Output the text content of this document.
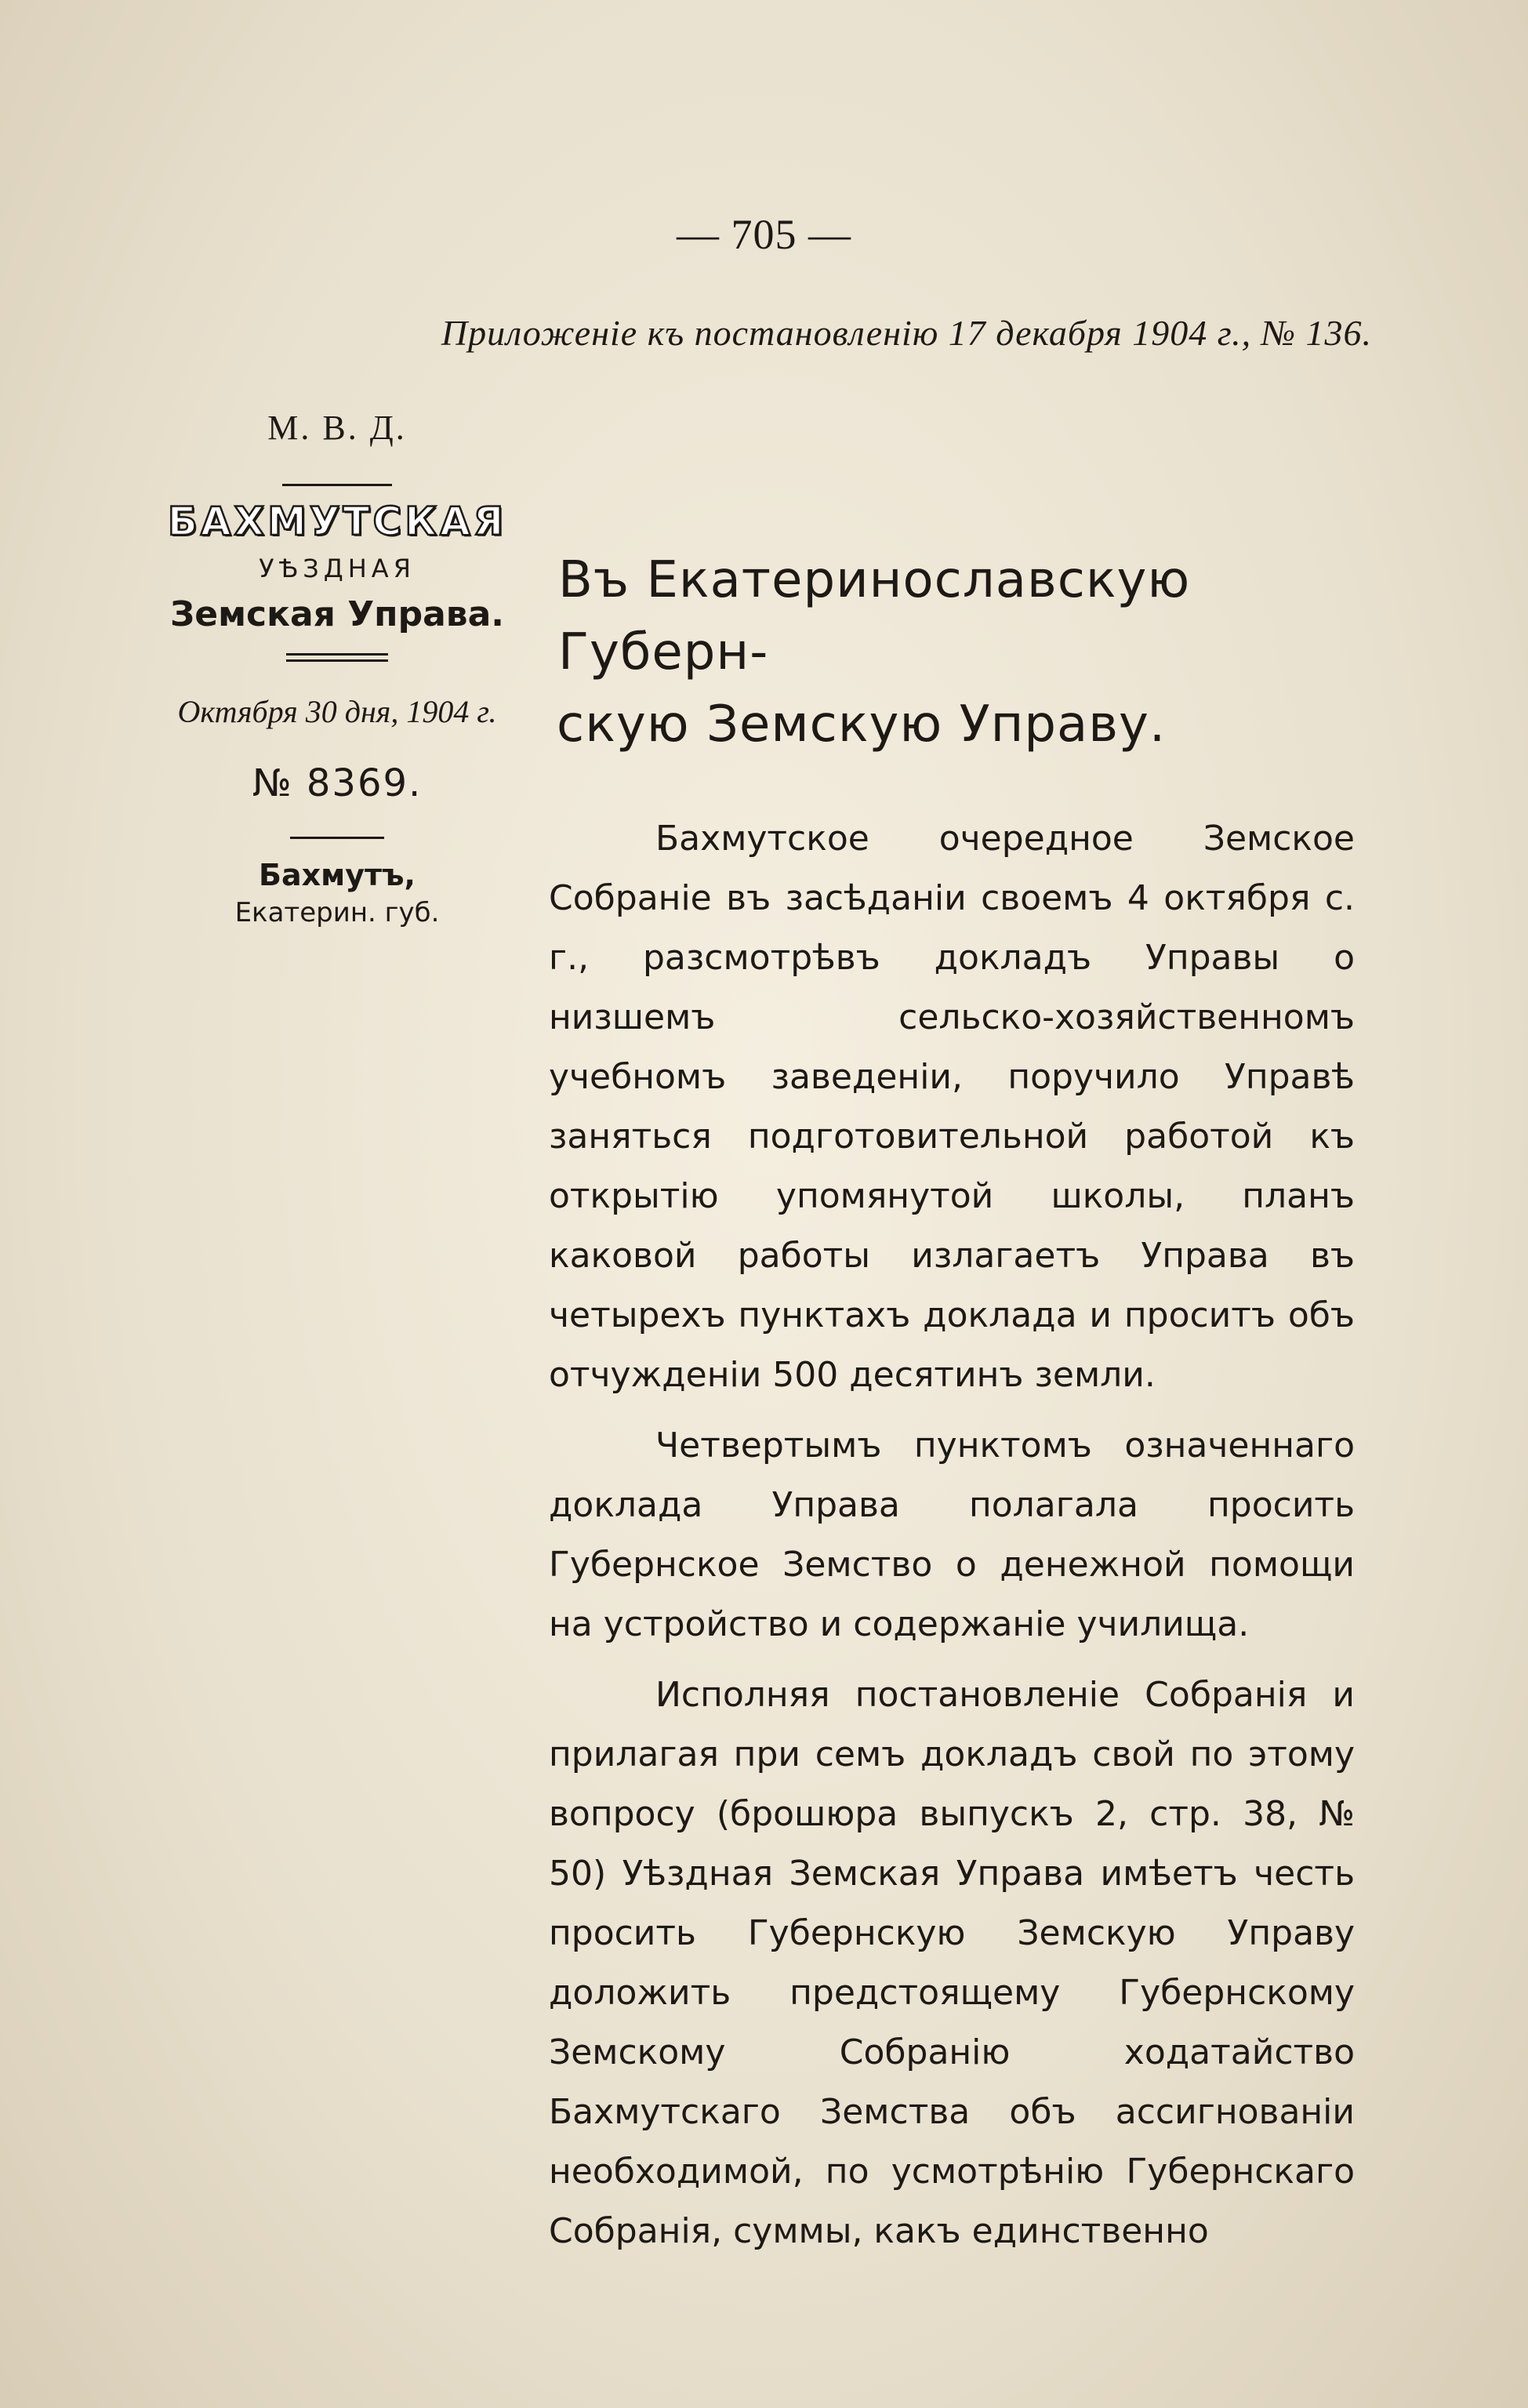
— 705 —
Приложенiе къ постановленiю 17 декабря 1904 г., № 136.
М. В. Д.
БАХМУТСКАЯ
УѢЗДНАЯ
Земская Управа.
Октября 30 дня, 1904 г.
№ 8369.
Бахмутъ,
Екатерин. губ.
Въ Екатеринославскую Губерн-
скую Земскую Управу.

Бахмутское очередное Земское Собранiе въ засѣданiи своемъ 4 октября с. г., разсмотрѣвъ докладъ Управы о низшемъ сельско-хозяйственномъ учебномъ заведенiи, поручило Управѣ заняться подготовительной работой къ открытiю упомянутой школы, планъ каковой работы излагаетъ Управа въ четырехъ пунктахъ доклада и проситъ объ отчужденiи 500 десятинъ земли.

Четвертымъ пунктомъ означеннаго доклада Управа полагала просить Губернское Земство о денежной помощи на устройство и содержанiе училища.

Исполняя постановленiе Собранiя и прилагая при семъ докладъ свой по этому вопросу (брошюра выпускъ 2, стр. 38, № 50) Уѣздная Земская Управа имѣетъ честь просить Губернскую Земскую Управу доложить предстоящему Губернскому Земскому Собранiю ходатайство Бахмутскаго Земства объ ассигнованiи необходимой, по усмотрѣнiю Губернскаго Собранiя, суммы, какъ единственно
